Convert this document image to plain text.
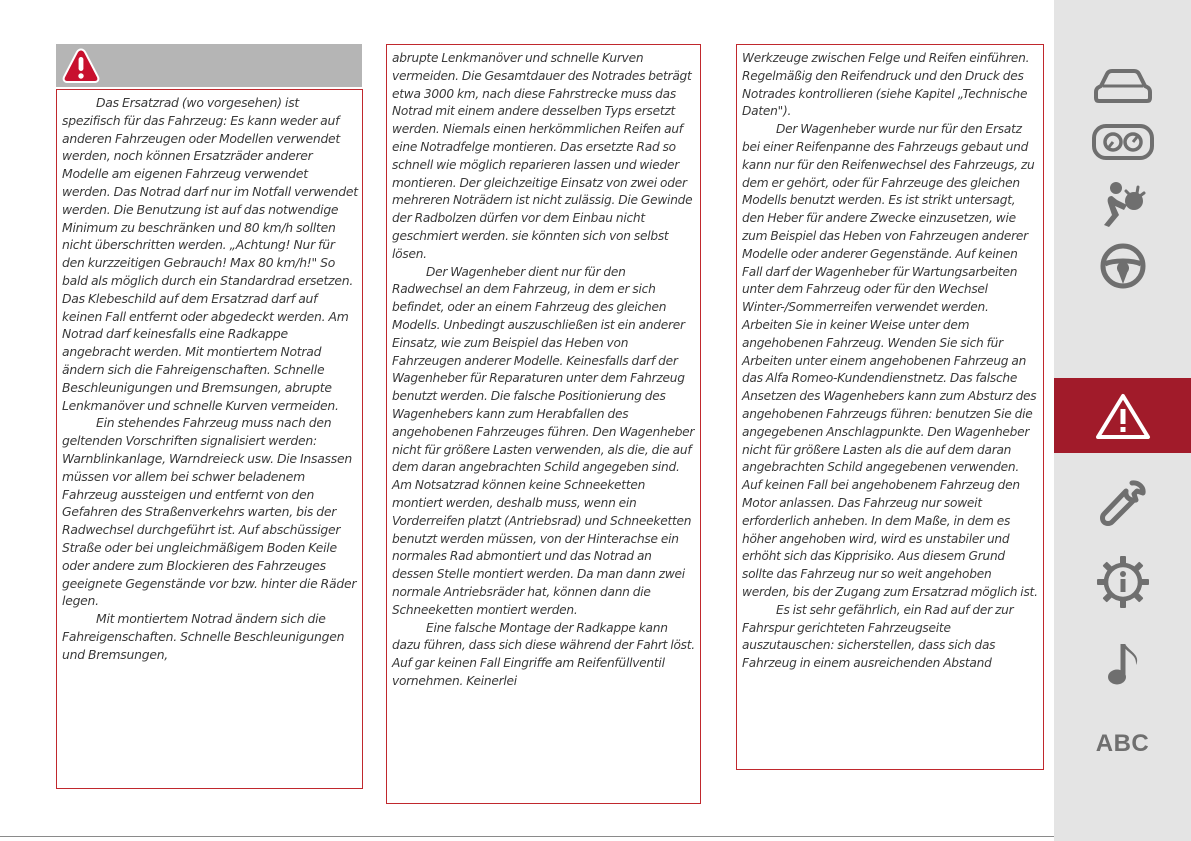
Das Ersatzrad (wo vorgesehen) ist spezifisch für das Fahrzeug: Es kann weder auf anderen Fahrzeugen oder Modellen verwendet werden, noch können Ersatzräder anderer Modelle am eigenen Fahrzeug verwendet werden. Das Notrad darf nur im Notfall verwendet werden. Die Benutzung ist auf das notwendige Minimum zu beschränken und 80 km/h sollten nicht überschritten werden. „Achtung! Nur für den kurzzeitigen Gebrauch! Max 80 km/h!" So bald als möglich durch ein Standardrad ersetzen. Das Klebeschild auf dem Ersatzrad darf auf keinen Fall entfernt oder abgedeckt werden. Am Notrad darf keinesfalls eine Radkappe angebracht werden. Mit montiertem Notrad ändern sich die Fahreigenschaften. Schnelle Beschleunigungen und Bremsungen, abrupte Lenkmanöver und schnelle Kurven vermeiden.

Ein stehendes Fahrzeug muss nach den geltenden Vorschriften signalisiert werden: Warnblinkanlage, Warndreieck usw. Die Insassen müssen vor allem bei schwer beladenem Fahrzeug aussteigen und entfernt von den Gefahren des Straßenverkehrs warten, bis der Radwechsel durchgeführt ist. Auf abschüssiger Straße oder bei ungleichmäßigem Boden Keile oder andere zum Blockieren des Fahrzeuges geeignete Gegenstände vor bzw. hinter die Räder legen.

Mit montiertem Notrad ändern sich die Fahreigenschaften. Schnelle Beschleunigungen und Bremsungen,

abrupte Lenkmanöver und schnelle Kurven vermeiden. Die Gesamtdauer des Notrades beträgt etwa 3000 km, nach diese Fahrstrecke muss das Notrad mit einem andere desselben Typs ersetzt werden. Niemals einen herkömmlichen Reifen auf eine Notradfelge montieren. Das ersetzte Rad so schnell wie möglich reparieren lassen und wieder montieren. Der gleichzeitige Einsatz von zwei oder mehreren Noträdern ist nicht zulässig. Die Gewinde der Radbolzen dürfen vor dem Einbau nicht geschmiert werden. sie könnten sich von selbst lösen.

Der Wagenheber dient nur für den Radwechsel an dem Fahrzeug, in dem er sich befindet, oder an einem Fahrzeug des gleichen Modells. Unbedingt auszuschließen ist ein anderer Einsatz, wie zum Beispiel das Heben von Fahrzeugen anderer Modelle. Keinesfalls darf der Wagenheber für Reparaturen unter dem Fahrzeug benutzt werden. Die falsche Positionierung des Wagenhebers kann zum Herabfallen des angehobenen Fahrzeuges führen. Den Wagenheber nicht für größere Lasten verwenden, als die, die auf dem daran angebrachten Schild angegeben sind. Am Notsatzrad können keine Schneeketten montiert werden, deshalb muss, wenn ein Vorderreifen platzt (Antriebsrad) und Schneeketten benutzt werden müssen, von der Hinterachse ein normales Rad abmontiert und das Notrad an dessen Stelle montiert werden. Da man dann zwei normale Antriebsräder hat, können dann die Schneeketten montiert werden.

Eine falsche Montage der Radkappe kann dazu führen, dass sich diese während der Fahrt löst. Auf gar keinen Fall Eingriffe am Reifenfüllventil vornehmen. Keinerlei

Werkzeuge zwischen Felge und Reifen einführen. Regelmäßig den Reifendruck und den Druck des Notrades kontrollieren (siehe Kapitel „Technische Daten").

Der Wagenheber wurde nur für den Ersatz bei einer Reifenpanne des Fahrzeugs gebaut und kann nur für den Reifenwechsel des Fahrzeugs, zu dem er gehört, oder für Fahrzeuge des gleichen Modells benutzt werden. Es ist strikt untersagt, den Heber für andere Zwecke einzusetzen, wie zum Beispiel das Heben von Fahrzeugen anderer Modelle oder anderer Gegenstände. Auf keinen Fall darf der Wagenheber für Wartungsarbeiten unter dem Fahrzeug oder für den Wechsel Winter-/Sommerreifen verwendet werden. Arbeiten Sie in keiner Weise unter dem angehobenen Fahrzeug. Wenden Sie sich für Arbeiten unter einem angehobenen Fahrzeug an das Alfa Romeo-Kundendienstnetz. Das falsche Ansetzen des Wagenhebers kann zum Absturz des angehobenen Fahrzeugs führen: benutzen Sie die angegebenen Anschlagpunkte. Den Wagenheber nicht für größere Lasten als die auf dem daran angebrachten Schild angegebenen verwenden. Auf keinen Fall bei angehobenem Fahrzeug den Motor anlassen. Das Fahrzeug nur soweit erforderlich anheben. In dem Maße, in dem es höher angehoben wird, wird es unstabiler und erhöht sich das Kipprisiko. Aus diesem Grund sollte das Fahrzeug nur so weit angehoben werden, bis der Zugang zum Ersatzrad möglich ist.

Es ist sehr gefährlich, ein Rad auf der zur Fahrspur gerichteten Fahrzeugseite auszutauschen: sicherstellen, dass sich das Fahrzeug in einem ausreichenden Abstand

ABC
